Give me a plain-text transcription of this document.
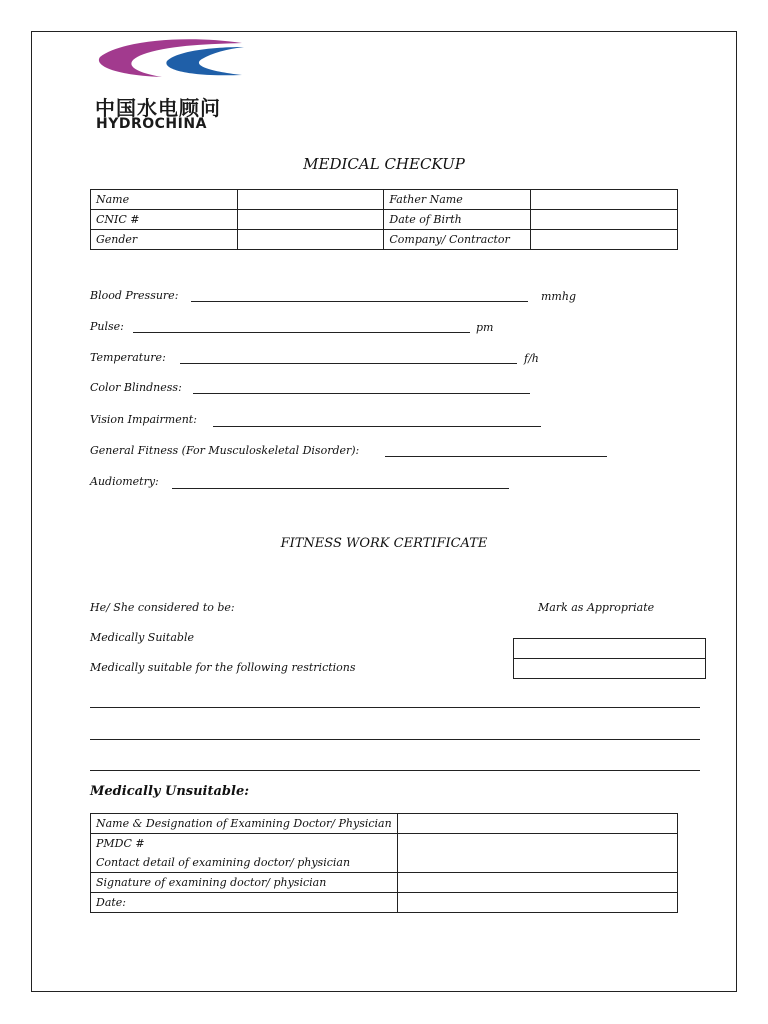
中国水电顾问
HYDROCHINA
MEDICAL CHECKUP
Name		Father Name	
CNIC #		Date of Birth	
Gender		Company/ Contractor	
Blood Pressure:	mmhg
Pulse:	pm
Temperature:	f/h
Color Blindness:
Vision Impairment:
General Fitness (For Musculoskeletal Disorder):
Audiometry:
FITNESS WORK CERTIFICATE
He/ She considered to be:	Mark as Appropriate
Medically Suitable
Medically suitable for the following restrictions
Medically Unsuitable:
Name & Designation of Examining Doctor/ Physician	

PMDC #
Contact detail of examining doctor/ physician	

Signature of examining doctor/ physician	
Date:	
